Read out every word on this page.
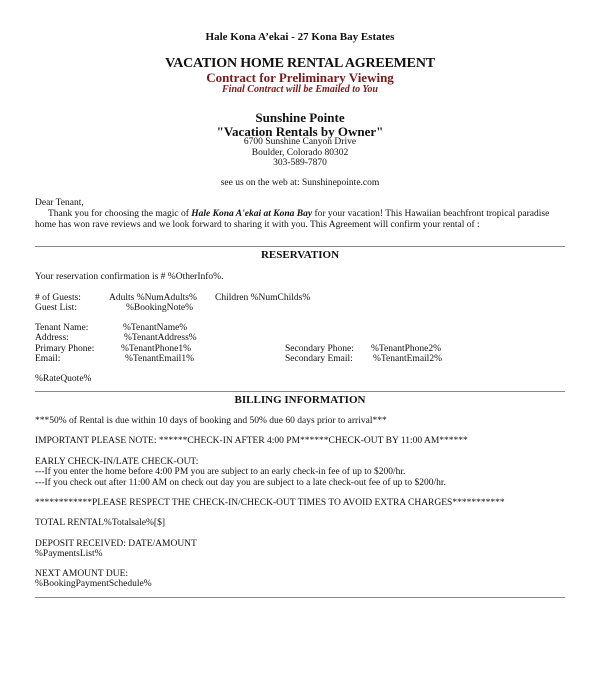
Hale Kona A’ekai - 27 Kona Bay Estates
VACATION HOME RENTAL AGREEMENT
Contract for Preliminary Viewing
Final Contract will be Emailed to You
Sunshine Pointe
"Vacation Rentals by Owner"
6700 Sunshine Canyon Drive
Boulder, Colorado 80302
303-589-7870
see us on the web at: Sunshinepointe.com
Dear Tenant,
Thank you for choosing the magic of Hale Kona A'ekai at Kona Bay for your vacation! This Hawaiian beachfront tropical paradise home has won rave reviews and we look forward to sharing it with you. This Agreement will confirm your rental of :
RESERVATION
Your reservation confirmation is # %OtherInfo%.
# of Guests:	Adults %NumAdults% Children %NumChilds%
Guest List:	%BookingNote%
Tenant Name:	%TenantName%
Address:	%TenantAddress%
Primary Phone:	%TenantPhone1%	Secondary Phone: %TenantPhone2%
Email:	%TenantEmail1%	Secondary Email: %TenantEmail2%
%RateQuote%
BILLING INFORMATION
***50% of Rental is due within 10 days of booking and 50% due 60 days prior to arrival***
IMPORTANT PLEASE NOTE: ******CHECK-IN AFTER 4:00 PM******CHECK-OUT BY 11:00 AM******
EARLY CHECK-IN/LATE CHECK-OUT:
---If you enter the home before 4:00 PM you are subject to an early check-in fee of up to $200/hr.
---If you check out after 11:00 AM on check out day you are subject to a late check-out fee of up to $200/hr.
************PLEASE RESPECT THE CHECK-IN/CHECK-OUT TIMES TO AVOID EXTRA CHARGES***********
TOTAL RENTAL%Totalsale%[$]
DEPOSIT RECEIVED: DATE/AMOUNT
%PaymentsList%
NEXT AMOUNT DUE:
%BookingPaymentSchedule%
